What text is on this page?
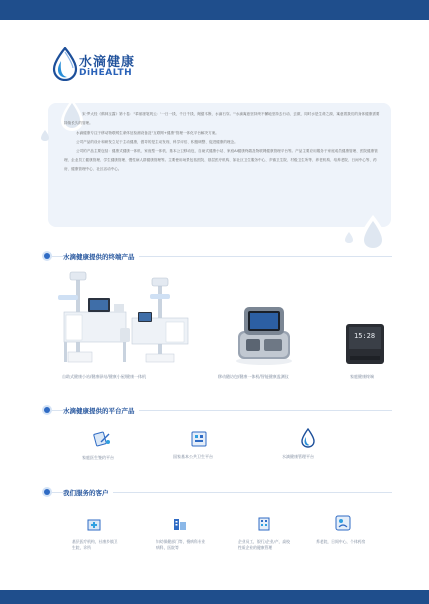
水滴健康
DiHEALTH

宋·罗大经《鹤林玉露》第十卷："乖崖援笔判云：'一日一钱，千日千钱，绳锯木断，水滴石穿。'"水滴寓意坚持终不懈地坚持去行动、去做，同时水是生命之源，寓意着我们的身体健康需要持续长久的管理。

水滴健康专注于移动物联网生命体征检测设备及"互联网+健康"管理一体化平台解决方案。

公司产品的设计和研发立足于主动健康，倡导的是主动发现、科学评估、积极调整、促进健康的理念。

公司的产品主要包括：健康式健康一体机、家庭型一体机、基本公卫移动包、自助式健康小站、家庭AI健康终端及物联网健康管理平台等。产品主要应用服务于家庭成员健康管理、医院健康管理、企业员工健康管理、学生健康管理、慢性病人群健康管理等。主要使用场景包括医院、基层医疗机构、如社区卫生服务中心、乡镇卫生院、村级卫生所等、养老机构、培养老院、日间中心等、药房、健康管理中心、社区活动中心。

水滴健康提供的终端产品
15:28
自助式健康小站/健康驿站/健康小屋/健康一体机	移动随访包/健康一体机/智能健康监测仪	家庭健康终端
水滴健康提供的平台产品
家庭医生签约平台	国家基本公共卫生平台	水滴健康管理平台
我们服务的客户
基层医疗机构，社康乡镇卫生院，诊所
妇幼保健部门等，慢病科专业病科，医院等
企业员工，银行/企业/产，高校性质企业的健康管理
养老院，日间中心，个体药房
